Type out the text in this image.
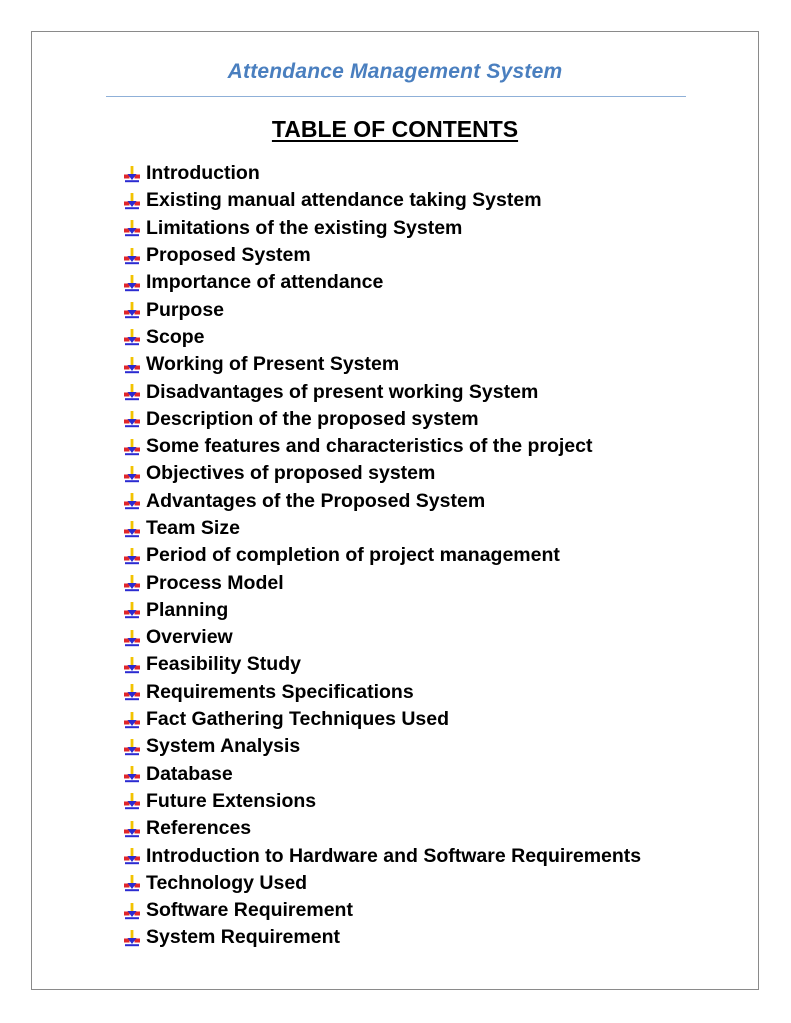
Attendance Management System
TABLE OF CONTENTS
Introduction
Existing manual attendance taking System
Limitations of the existing System
Proposed System
Importance of attendance
Purpose
Scope
Working of Present System
Disadvantages of present working System
Description of the proposed system
Some features and characteristics of the project
Objectives of proposed system
Advantages of the Proposed System
Team Size
Period of completion of project management
Process Model
Planning
Overview
Feasibility Study
Requirements Specifications
Fact Gathering Techniques Used
System Analysis
Database
Future Extensions
References
Introduction to Hardware and Software Requirements
Technology Used
Software Requirement
System Requirement
